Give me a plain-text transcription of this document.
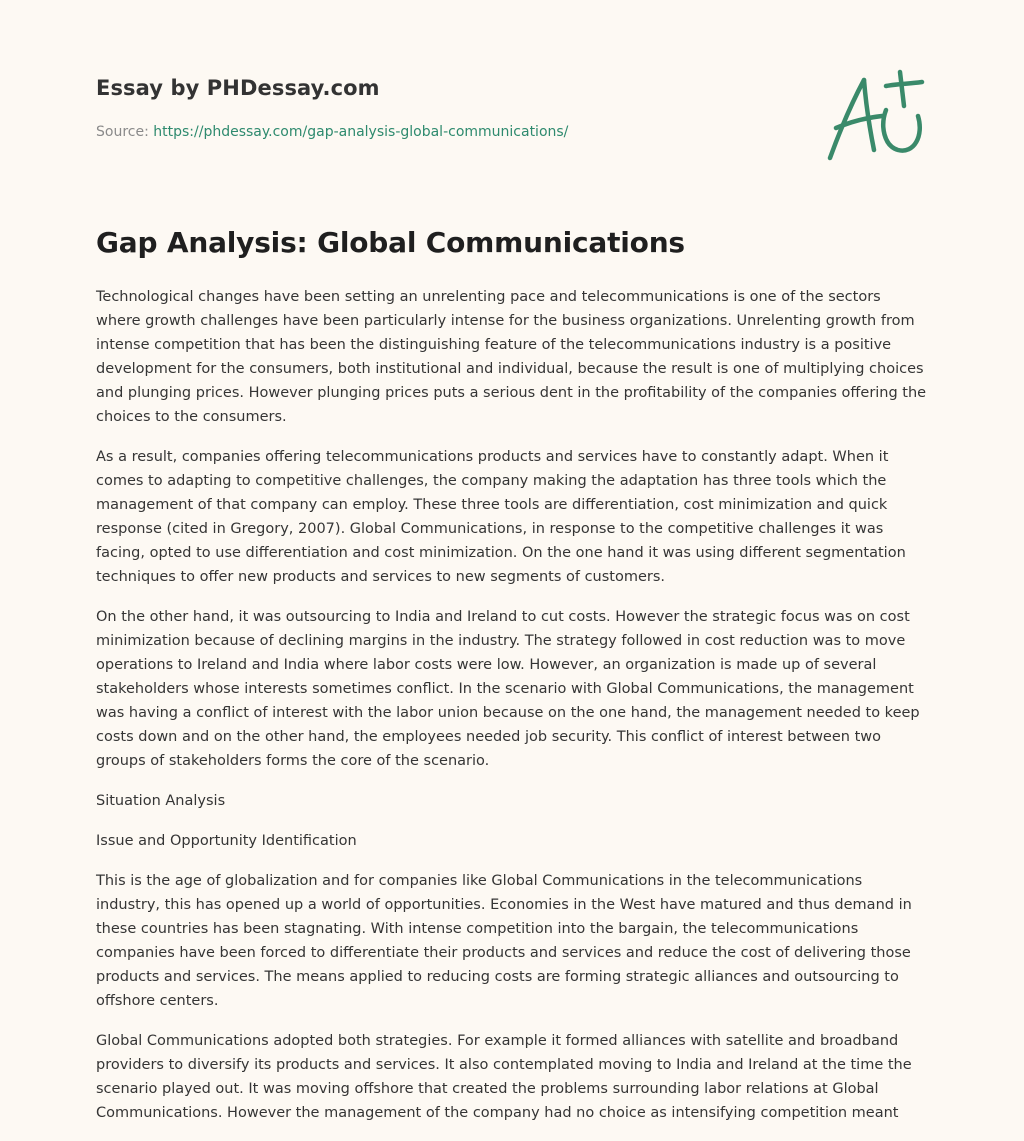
Essay by PHDessay.com
Source: https://phdessay.com/gap-analysis-global-communications/
Gap Analysis: Global Communications

Technological changes have been setting an unrelenting pace and telecommunications is one of the sectors where growth challenges have been particularly intense for the business organizations. Unrelenting growth from intense competition that has been the distinguishing feature of the telecommunications industry is a positive development for the consumers, both institutional and individual, because the result is one of multiplying choices and plunging prices. However plunging prices puts a serious dent in the profitability of the companies offering the choices to the consumers.

As a result, companies offering telecommunications products and services have to constantly adapt. When it comes to adapting to competitive challenges, the company making the adaptation has three tools which the management of that company can employ. These three tools are differentiation, cost minimization and quick response (cited in Gregory, 2007). Global Communications, in response to the competitive challenges it was facing, opted to use differentiation and cost minimization. On the one hand it was using different segmentation techniques to offer new products and services to new segments of customers.

On the other hand, it was outsourcing to India and Ireland to cut costs. However the strategic focus was on cost minimization because of declining margins in the industry. The strategy followed in cost reduction was to move operations to Ireland and India where labor costs were low. However, an organization is made up of several stakeholders whose interests sometimes conflict. In the scenario with Global Communications, the management was having a conflict of interest with the labor union because on the one hand, the management needed to keep costs down and on the other hand, the employees needed job security. This conflict of interest between two groups of stakeholders forms the core of the scenario.

Situation Analysis

Issue and Opportunity Identification

This is the age of globalization and for companies like Global Communications in the telecommunications industry, this has opened up a world of opportunities. Economies in the West have matured and thus demand in these countries has been stagnating. With intense competition into the bargain, the telecommunications companies have been forced to differentiate their products and services and reduce the cost of delivering those products and services. The means applied to reducing costs are forming strategic alliances and outsourcing to offshore centers.

Global Communications adopted both strategies. For example it formed alliances with satellite and broadband providers to diversify its products and services. It also contemplated moving to India and Ireland at the time the scenario played out. It was moving offshore that created the problems surrounding labor relations at Global Communications. However the management of the company had no choice as intensifying competition meant
